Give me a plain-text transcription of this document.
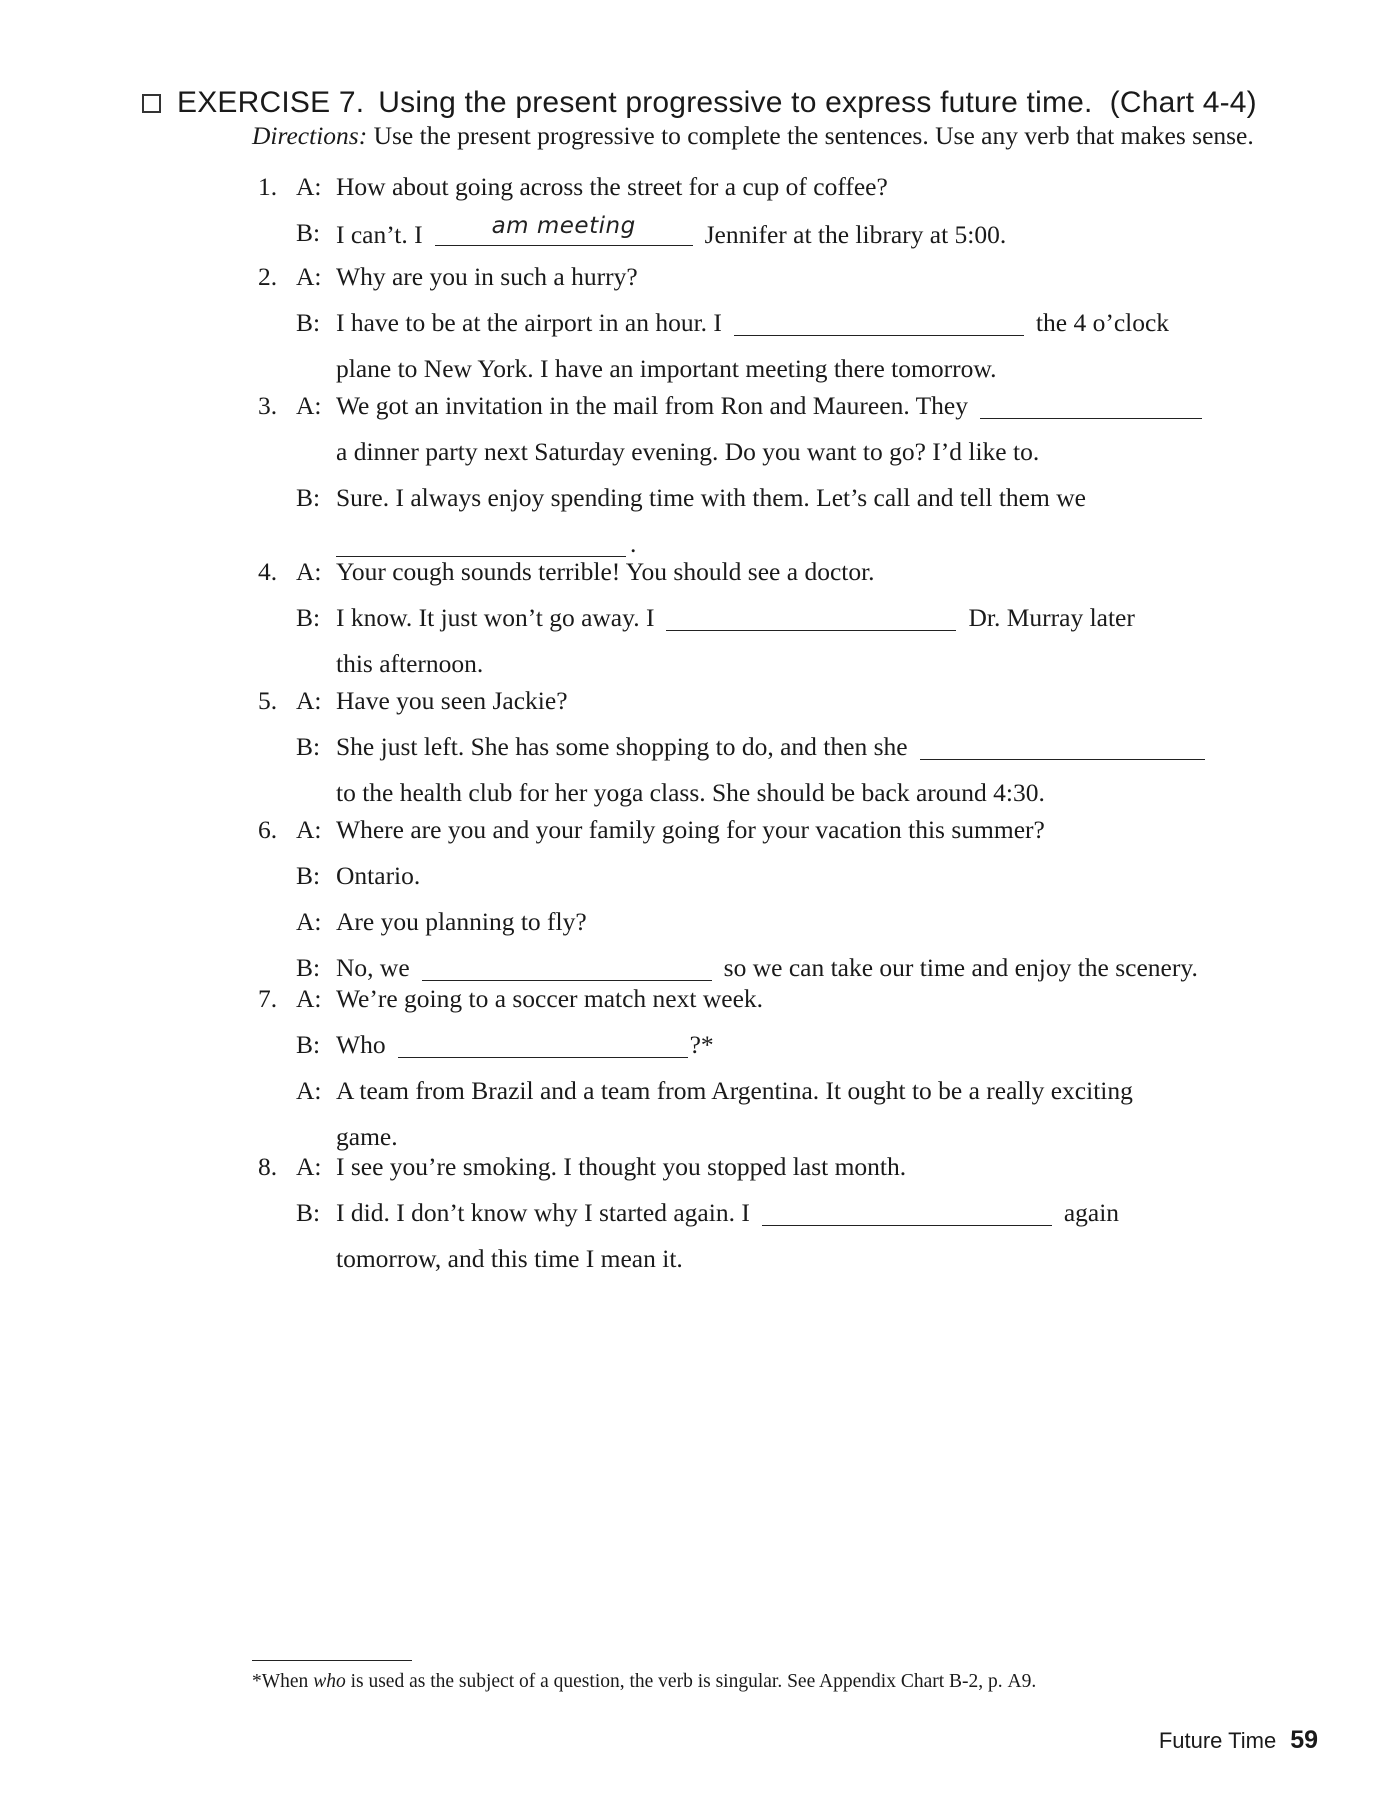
EXERCISE 7. Using the present progressive to express future time. (Chart 4-4)
Directions: Use the present progressive to complete the sentences. Use any verb that makes sense.
1. A: How about going across the street for a cup of coffee?
B: I can’t. I	am meeting	Jennifer at the library at 5:00.
2. A: Why are you in such a hurry?
B: I have to be at the airport in an hour. I	the 4 o’clock
plane to New York. I have an important meeting there tomorrow.
3. A: We got an invitation in the mail from Ron and Maureen. They
a dinner party next Saturday evening. Do you want to go? I’d like to.
B: Sure. I always enjoy spending time with them. Let’s call and tell them we
.
4. A: Your cough sounds terrible! You should see a doctor.
B: I know. It just won’t go away. I	Dr. Murray later
this afternoon.
5. A: Have you seen Jackie?
B: She just left. She has some shopping to do, and then she
to the health club for her yoga class. She should be back around 4:30.
6. A: Where are you and your family going for your vacation this summer?
B: Ontario.
A: Are you planning to fly?
B: No, we	so we can take our time and enjoy the scenery.
7. A: We’re going to a soccer match next week.
B: Who	?*
A: A team from Brazil and a team from Argentina. It ought to be a really exciting
game.
8. A: I see you’re smoking. I thought you stopped last month.
B: I did. I don’t know why I started again. I	again
tomorrow, and this time I mean it.
*When who is used as the subject of a question, the verb is singular. See Appendix Chart B-2, p. A9.
Future Time 59
